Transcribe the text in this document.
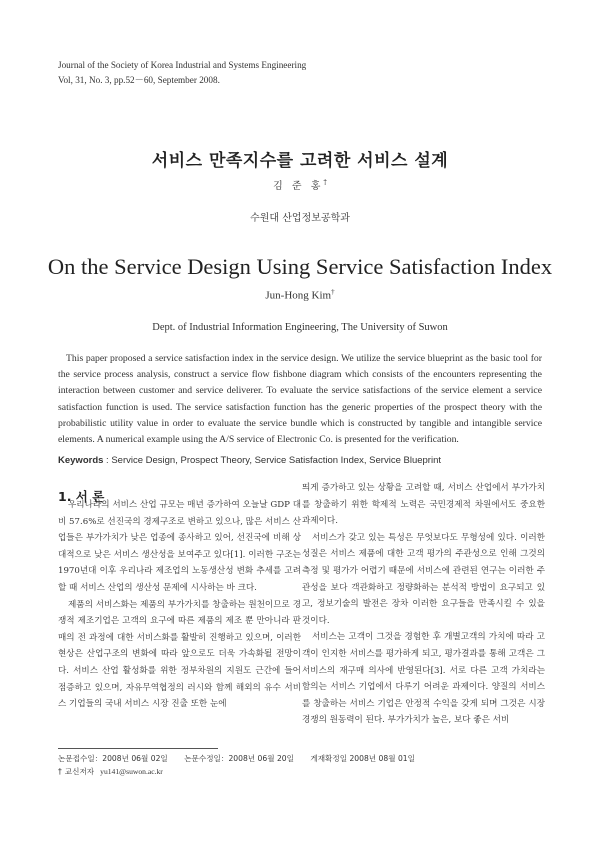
Journal of the Society of Korea Industrial and Systems Engineering
Vol, 31, No. 3, pp.52－60, September 2008.
서비스 만족지수를 고려한 서비스 설계
김 준 홍†
수원대 산업정보공학과
On the Service Design Using Service Satisfaction Index
Jun-Hong Kim†
Dept. of Industrial Information Engineering, The University of Suwon
This paper proposed a service satisfaction index in the service design. We utilize the service blueprint as the basic tool for the service process analysis, construct a service flow fishbone diagram which consists of the encounters representing the interaction between customer and service deliverer. To evaluate the service satisfactions of the service element a service satisfaction function is used. The service satisfaction function has the generic properties of the prospect theory with the probabilistic utility value in order to evaluate the service bundle which is constructed by tangible and intangible service elements. A numerical example using the A/S service of Electronic Co. is presented for the verification.
Keywords : Service Design, Prospect Theory, Service Satisfaction Index, Service Blueprint
1. 서 론

우리나라의 서비스 산업 규모는 매년 증가하여 오늘날 GDP 대비 57.6%로 선진국의 경제구조로 변하고 있으나, 많은 서비스 산업들은 부가가치가 낮은 업종에 종사하고 있어, 선진국에 비해 상대적으로 낮은 서비스 생산성을 보여주고 있다[1]. 이러한 구조는 1970년대 이후 우리나라 제조업의 노동생산성 변화 추세를 고려할 때 서비스 산업의 생산성 문제에 시사하는 바 크다.

제품의 서비스화는 제품의 부가가치를 창출하는 원천이므로 경쟁적 제조기업은 고객의 요구에 따른 제품의 제조 뿐 만아니라 판매의 전 과정에 대한 서비스화를 활발히 진행하고 있으며, 이러한 현상은 산업구조의 변화에 따라 앞으로도 더욱 가속화될 전망이다. 서비스 산업 활성화를 위한 정부차원의 지원도 근간에 들어 점증하고 있으며, 자유무역협정의 러시와 함께 해외의 유수 서비스 기업들의 국내 서비스 시장 진출 또한 눈에

띄게 증가하고 있는 상황을 고려할 때, 서비스 산업에서 부가가치를 창출하기 위한 학제적 노력은 국민경제적 차원에서도 중요한 과제이다.

서비스가 갖고 있는 특성은 무엇보다도 무형성에 있다. 이러한 성질은 서비스 제품에 대한 고객 평가의 주관성으로 인해 그것의 측정 및 평가가 어렵기 때문에 서비스에 관련된 연구는 이러한 주관성을 보다 객관화하고 정량화하는 분석적 방법이 요구되고 있고, 정보기술의 발전은 장차 이러한 요구들을 만족시킬 수 있을 것이다.

서비스는 고객이 그것을 경험한 후 개별고객의 가치에 따라 고객이 인지한 서비스를 평가하게 되고, 평가결과를 통해 고객은 그 서비스의 재구매 의사에 반영된다[3]. 서로 다른 고객 가치라는 함의는 서비스 기업에서 다루기 어려운 과제이다. 양질의 서비스를 창출하는 서비스 기업은 안정적 수익을 갖게 되며 그것은 시장경쟁의 원동력이 된다. 부가가치가 높은, 보다 좋은 서비

논문접수일：2008년 06월 02일 논문수정일：2008년 06월 20일 게재확정일 2008년 08월 01일
† 교신저자 yu141@suwon.ac.kr
